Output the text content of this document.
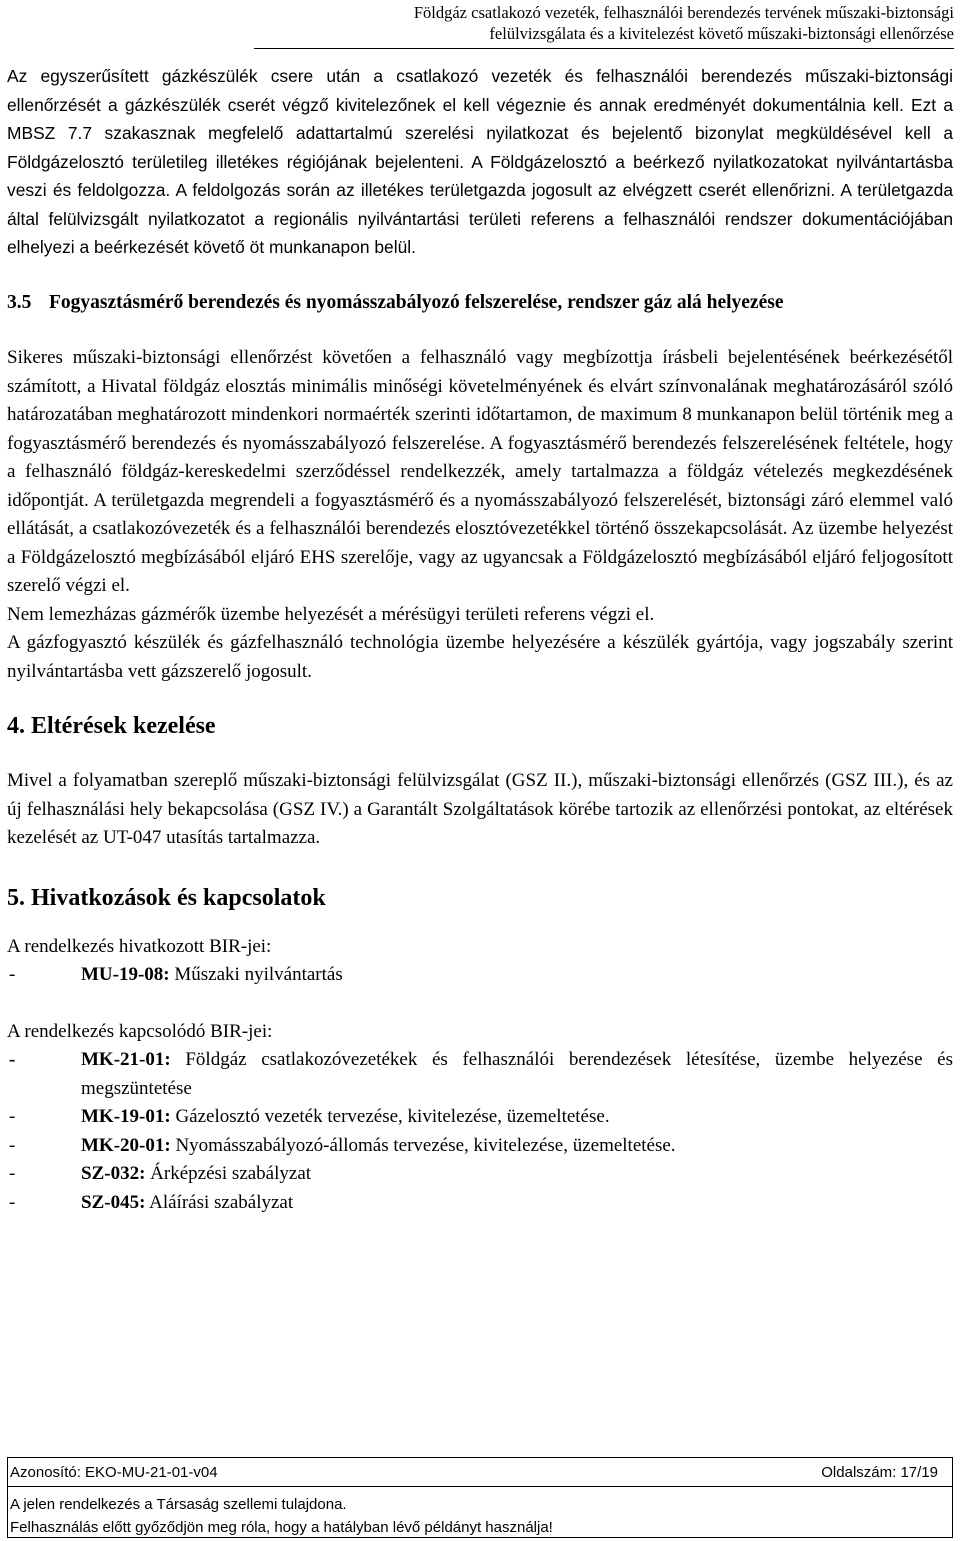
Földgáz csatlakozó vezeték, felhasználói berendezés tervének műszaki-biztonsági
felülvizsgálata és a kivitelezést követő műszaki-biztonsági ellenőrzése

Az egyszerűsített gázkészülék csere után a csatlakozó vezeték és felhasználói berendezés műszaki-biztonsági ellenőrzését a gázkészülék cserét végző kivitelezőnek el kell végeznie és annak eredményét dokumentálnia kell. Ezt a MBSZ 7.7 szakasznak megfelelő adattartalmú szerelési nyilatkozat és bejelentő bizonylat megküldésével kell a Földgázelosztó területileg illetékes régiójának bejelenteni. A Földgázelosztó a beérkező nyilatkozatokat nyilvántartásba veszi és feldolgozza. A feldolgozás során az illetékes területgazda jogosult az elvégzett cserét ellenőrizni. A területgazda által felülvizsgált nyilatkozatot a regionális nyilvántartási területi referens a felhasználói rendszer dokumentációjában elhelyezi a beérkezését követő öt munkanapon belül.

3.5 Fogyasztásmérő berendezés és nyomásszabályozó felszerelése, rendszer gáz alá helyezése

Sikeres műszaki-biztonsági ellenőrzést követően a felhasználó vagy megbízottja írásbeli bejelentésének beérkezésétől számított, a Hivatal földgáz elosztás minimális minőségi követelményének és elvárt színvonalának meghatározásáról szóló határozatában meghatározott mindenkori normaérték szerinti időtartamon, de maximum 8 munkanapon belül történik meg a fogyasztásmérő berendezés és nyomásszabályozó felszerelése. A fogyasztásmérő berendezés felszerelésének feltétele, hogy a felhasználó földgáz-kereskedelmi szerződéssel rendelkezzék, amely tartalmazza a földgáz vételezés megkezdésének időpontját. A területgazda megrendeli a fogyasztásmérő és a nyomásszabályozó felszerelését, biztonsági záró elemmel való ellátását, a csatlakozóvezeték és a felhasználói berendezés elosztóvezetékkel történő összekapcsolását. Az üzembe helyezést a Földgázelosztó megbízásából eljáró EHS szerelője, vagy az ugyancsak a Földgázelosztó megbízásából eljáró feljogosított szerelő végzi el.

Nem lemezházas gázmérők üzembe helyezését a mérésügyi területi referens végzi el.

A gázfogyasztó készülék és gázfelhasználó technológia üzembe helyezésére a készülék gyártója, vagy jogszabály szerint nyilvántartásba vett gázszerelő jogosult.

4. Eltérések kezelése

Mivel a folyamatban szereplő műszaki-biztonsági felülvizsgálat (GSZ II.), műszaki-biztonsági ellenőrzés (GSZ III.), és az új felhasználási hely bekapcsolása (GSZ IV.) a Garantált Szolgáltatások körébe tartozik az ellenőrzési pontokat, az eltérések kezelését az UT-047 utasítás tartalmazza.

5. Hivatkozások és kapcsolatok

A rendelkezés hivatkozott BIR-jei:

-	MU-19-08: Műszaki nyilvántartás

A rendelkezés kapcsolódó BIR-jei:

-	MK-21-01: Földgáz csatlakozóvezetékek és felhasználói berendezések létesítése, üzembe helyezése és megszüntetése
-	MK-19-01: Gázelosztó vezeték tervezése, kivitelezése, üzemeltetése.
-	MK-20-01: Nyomásszabályozó-állomás tervezése, kivitelezése, üzemeltetése.
-	SZ-032: Árképzési szabályzat
-	SZ-045: Aláírási szabályzat
Azonosító: EKO-MU-21-01-v04	Oldalszám: 17/19
A jelen rendelkezés a Társaság szellemi tulajdona.
Felhasználás előtt győződjön meg róla, hogy a hatályban lévő példányt használja!
